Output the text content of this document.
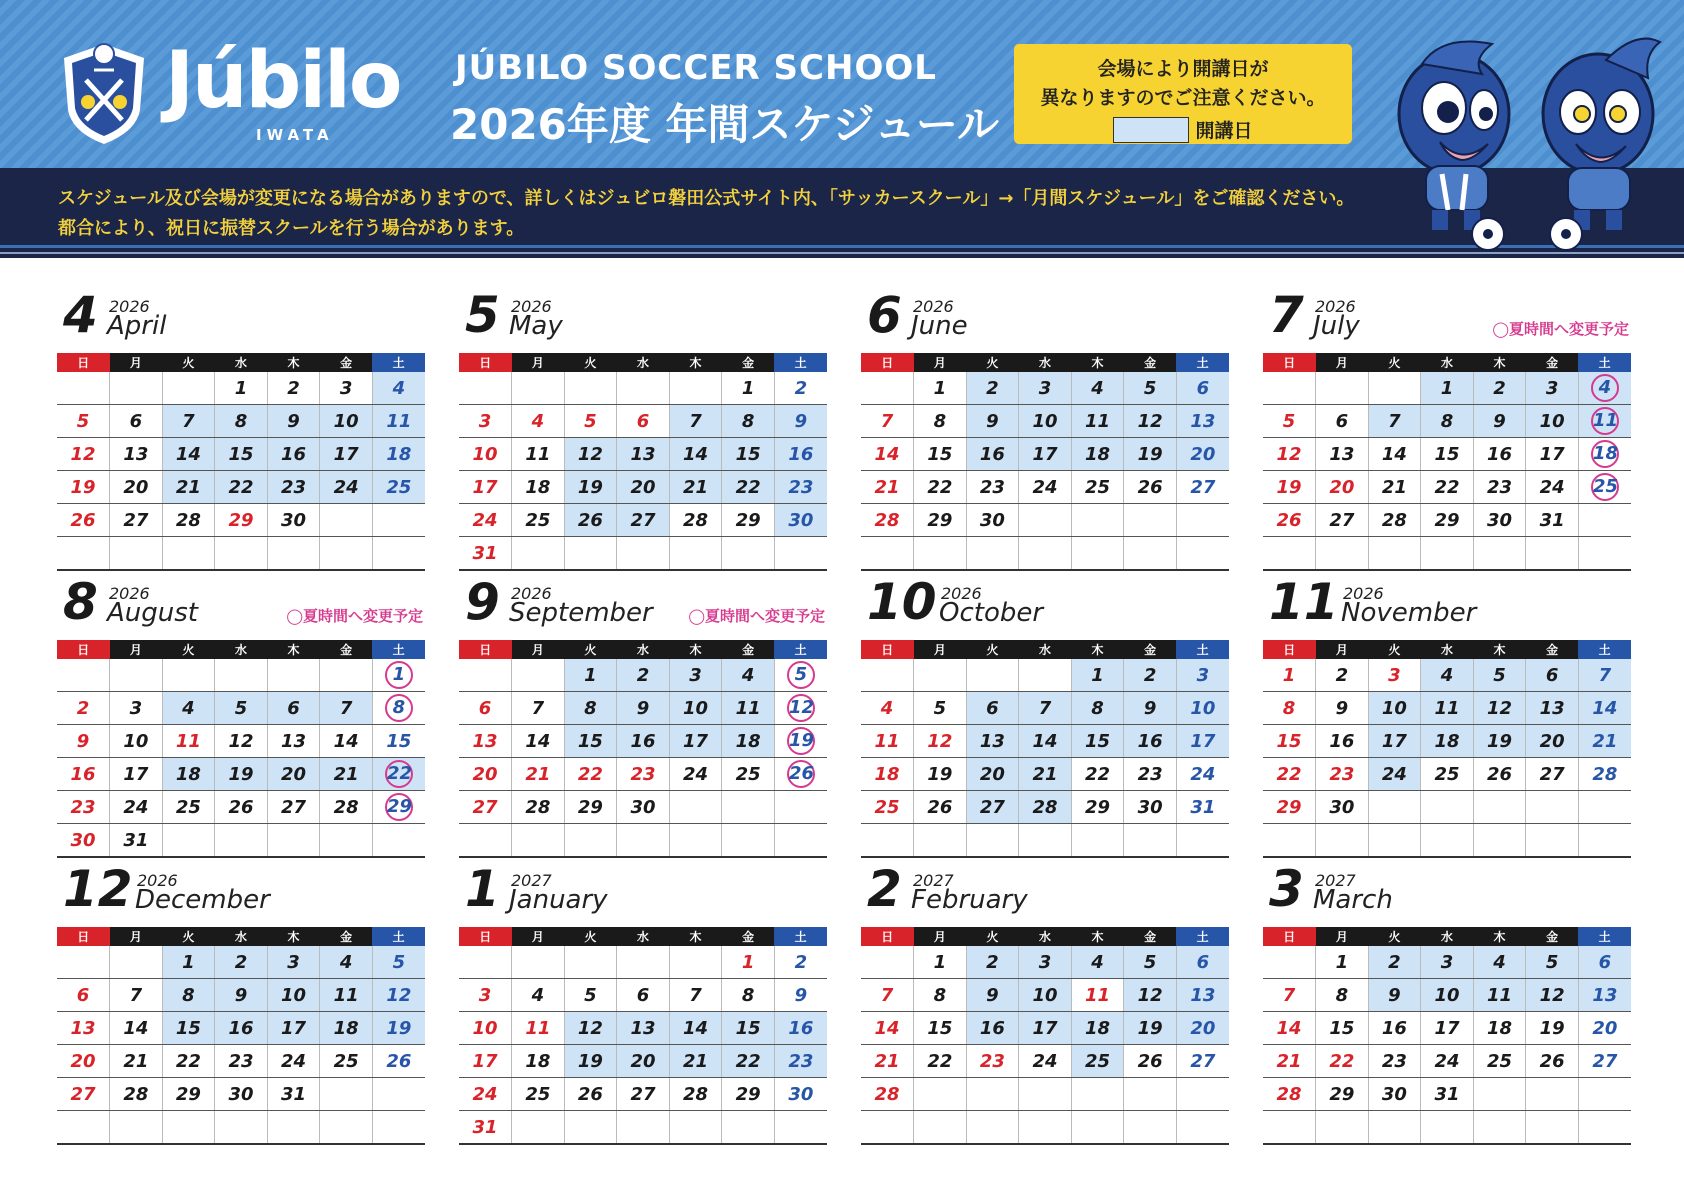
Júbilo
IWATA
JÚBILO SOCCER SCHOOL
2026年度 年間スケジュール
会場により開講日が
異なりますのでご注意ください。
開講日
スケジュール及び会場が変更になる場合がありますので、詳しくはジュビロ磐田公式サイト内、「サッカースクール」→「月間スケジュール」をご確認ください。
都合により、祝日に振替スクールを行う場合があります。
4 2026
April
日	月	火	水	木	金	土
			1	2	3	4
5	6	7	8	9	10	11
12	13	14	15	16	17	18
19	20	21	22	23	24	25
26	27	28	29	30		

5 2026
May
日	月	火	水	木	金	土
					1	2
3	4	5	6	7	8	9
10	11	12	13	14	15	16
17	18	19	20	21	22	23
24	25	26	27	28	29	30
31						
6 2026
June
日	月	火	水	木	金	土
	1	2	3	4	5	6
7	8	9	10	11	12	13
14	15	16	17	18	19	20
21	22	23	24	25	26	27
28	29	30				

7 2026
July	◯夏時間へ変更予定
日	月	火	水	木	金	土
			1	2	3	4
5	6	7	8	9	10	11
12	13	14	15	16	17	18
19	20	21	22	23	24	25
26	27	28	29	30	31	

8 2026
August	◯夏時間へ変更予定
日	月	火	水	木	金	土
						1
2	3	4	5	6	7	8
9	10	11	12	13	14	15
16	17	18	19	20	21	22
23	24	25	26	27	28	29
30	31					
9 2026
September ◯夏時間へ変更予定
日	月	火	水	木	金	土
		1	2	3	4	5
6	7	8	9	10	11	12
13	14	15	16	17	18	19
20	21	22	23	24	25	26
27	28	29	30			

10 2026
October
日	月	火	水	木	金	土
				1	2	3
4	5	6	7	8	9	10
11	12	13	14	15	16	17
18	19	20	21	22	23	24
25	26	27	28	29	30	31

11 2026
November
日	月	火	水	木	金	土
1	2	3	4	5	6	7
8	9	10	11	12	13	14
15	16	17	18	19	20	21
22	23	24	25	26	27	28
29	30					

12 2026
December
日	月	火	水	木	金	土
		1	2	3	4	5
6	7	8	9	10	11	12
13	14	15	16	17	18	19
20	21	22	23	24	25	26
27	28	29	30	31		

1 2027
January
日	月	火	水	木	金	土
					1	2
3	4	5	6	7	8	9
10	11	12	13	14	15	16
17	18	19	20	21	22	23
24	25	26	27	28	29	30
31						
2 2027
February
日	月	火	水	木	金	土
	1	2	3	4	5	6
7	8	9	10	11	12	13
14	15	16	17	18	19	20
21	22	23	24	25	26	27
28						

3 2027
March
日	月	火	水	木	金	土
	1	2	3	4	5	6
7	8	9	10	11	12	13
14	15	16	17	18	19	20
21	22	23	24	25	26	27
28	29	30	31			
